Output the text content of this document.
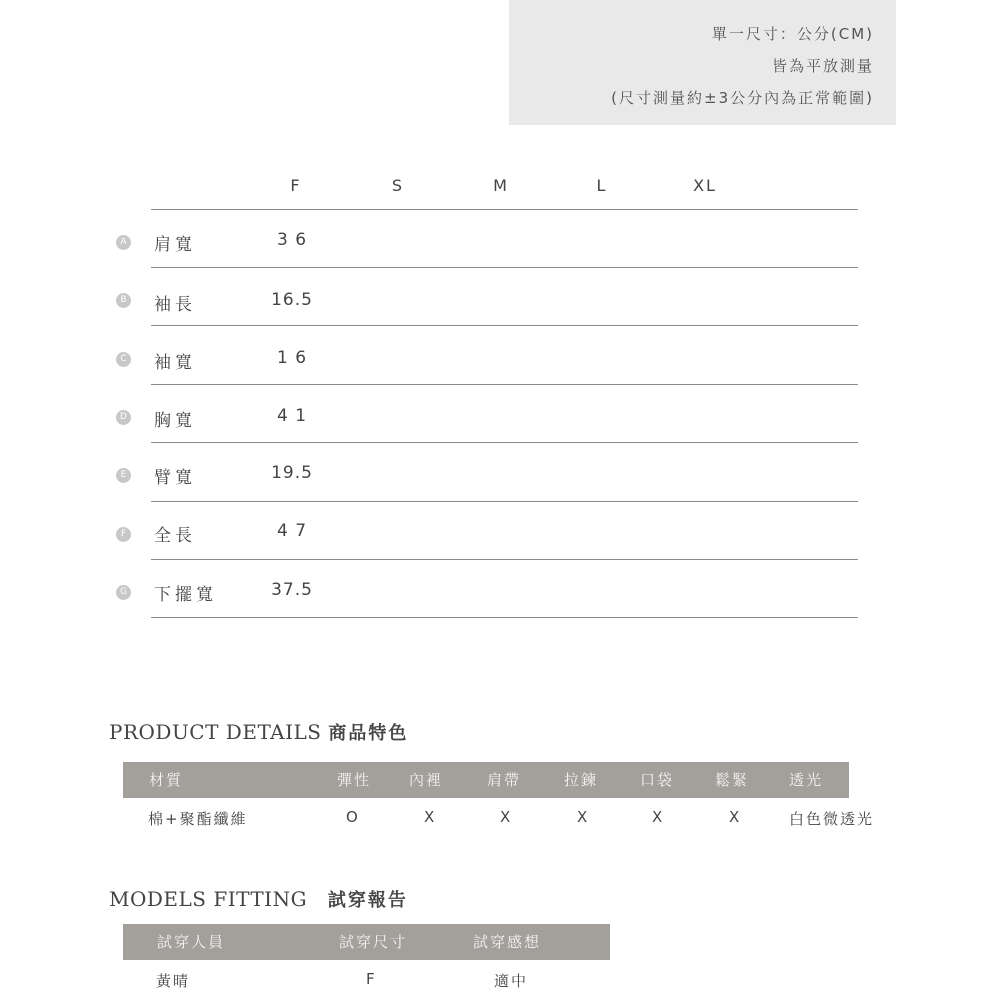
單一尺寸：公分(CM)
皆為平放測量
(尺寸測量約±3公分內為正常範圍)
F	S	M	L	XL
A 肩寬	3 6
B 袖長	16.5
C 袖寬	1 6
D 胸寬	4 1
E 臂寬	19.5
F 全長	4 7
G 下擺寬	37.5
PRODUCT DETAILS 商品特色
材質	彈性	內裡	肩帶	拉鍊	口袋	鬆緊	透光
棉+聚酯纖維	O	X	X	X	X	X	白色微透光
MODELS FITTING 試穿報告
試穿人員	試穿尺寸	試穿感想
黃晴	F	適中
